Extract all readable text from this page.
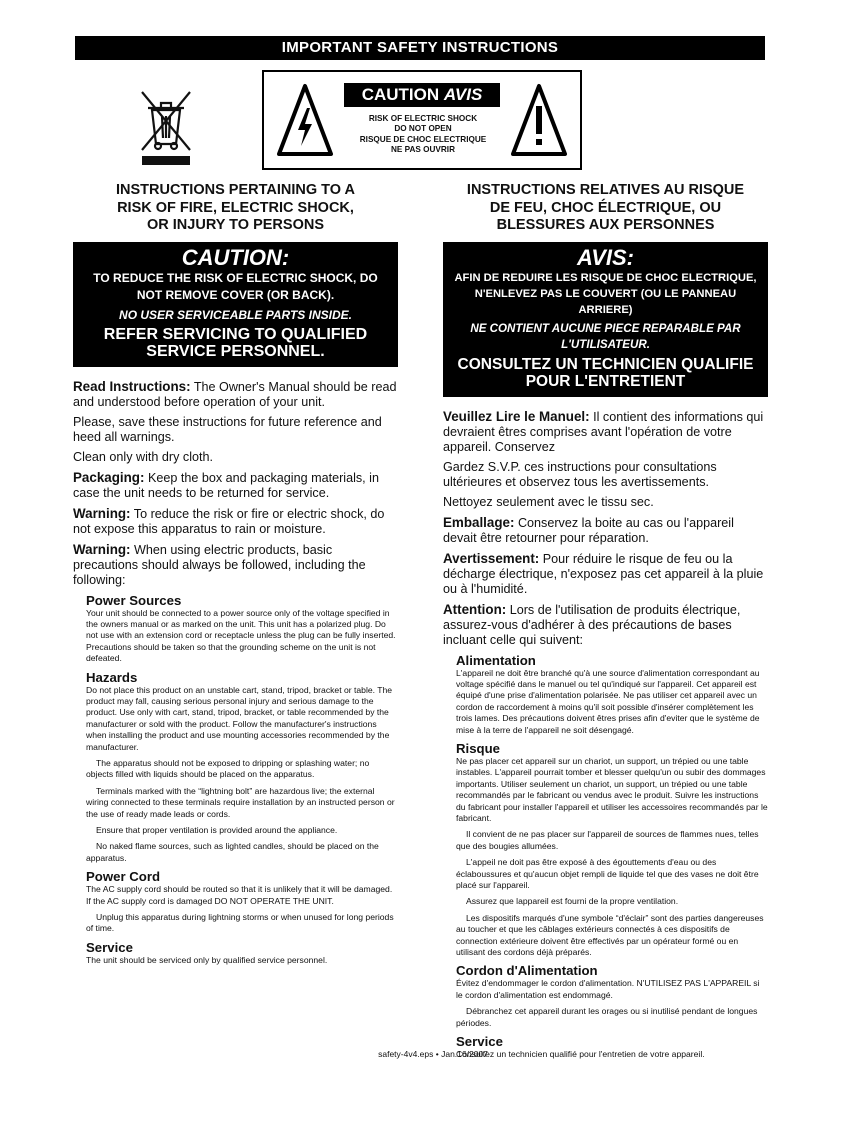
IMPORTANT SAFETY INSTRUCTIONS
CAUTION AVIS
RISK OF ELECTRIC SHOCK
DO NOT OPEN
RISQUE DE CHOC ELECTRIQUE
NE PAS OUVRIR
INSTRUCTIONS PERTAINING TO A
RISK OF FIRE, ELECTRIC SHOCK,
OR INJURY TO PERSONS
CAUTION:
TO REDUCE THE RISK OF ELECTRIC SHOCK, DO NOT REMOVE COVER (OR BACK).
NO USER SERVICEABLE PARTS INSIDE.
REFER SERVICING TO QUALIFIED SERVICE PERSONNEL.
Read Instructions: The Owner's Manual should be read and understood before operation of your unit.
Please, save these instructions for future reference and heed all warnings.
Clean only with dry cloth.
Packaging: Keep the box and packaging materials, in case the unit needs to be returned for service.
Warning: To reduce the risk or fire or electric shock, do not expose this apparatus to rain or moisture.
Warning: When using electric products, basic precautions should always be followed, including the following:
Power Sources
Your unit should be connected to a power source only of the voltage specified in the owners manual or as marked on the unit. This unit has a polarized plug. Do not use with an extension cord or receptacle unless the plug can be fully inserted. Precautions should be taken so that the grounding scheme on the unit is not defeated.
Hazards
Do not place this product on an unstable cart, stand, tripod, bracket or table. The product may fall, causing serious personal injury and serious damage to the product. Use only with cart, stand, tripod, bracket, or table recommended by the manufacturer or sold with the product. Follow the manufacturer's instructions when installing the product and use mounting accessories recommended by the manufacturer.
The apparatus should not be exposed to dripping or splashing water; no objects filled with liquids should be placed on the apparatus.
Terminals marked with the “lightning bolt” are hazardous live; the external wiring connected to these terminals require installation by an instructed person or the use of ready made leads or cords.
Ensure that proper ventilation is provided around the appliance.
No naked flame sources, such as lighted candles, should be placed on the apparatus.
Power Cord
The AC supply cord should be routed so that it is unlikely that it will be damaged. If the AC supply cord is damaged DO NOT OPERATE THE UNIT.
Unplug this apparatus during lightning storms or when unused for long periods of time.
Service
The unit should be serviced only by qualified service personnel.
INSTRUCTIONS RELATIVES AU RISQUE
DE FEU, CHOC ÉLECTRIQUE, OU
BLESSURES AUX PERSONNES
AVIS:
AFIN DE REDUIRE LES RISQUE DE CHOC ELECTRIQUE, N'ENLEVEZ PAS LE COUVERT (OU LE PANNEAU ARRIERE)
NE CONTIENT AUCUNE PIECE REPARABLE PAR L'UTILISATEUR.
CONSULTEZ UN TECHNICIEN QUALIFIE POUR L'ENTRETIENT
Veuillez Lire le Manuel: Il contient des informations qui devraient êtres comprises avant l'opération de votre appareil. Conservez
Gardez S.V.P. ces instructions pour consultations ultérieures et observez tous les avertissements.
Nettoyez seulement avec le tissu sec.
Emballage: Conservez la boite au cas ou l'appareil devait être retourner pour réparation.
Avertissement: Pour réduire le risque de feu ou la décharge électrique, n'exposez pas cet appareil à la pluie ou à l'humidité.
Attention: Lors de l'utilisation de produits électrique, assurez-vous d'adhérer à des précautions de bases incluant celle qui suivent:
Alimentation
L'appareil ne doit être branché qu'à une source d'alimentation correspondant au voltage spécifié dans le manuel ou tel qu'indiqué sur l'appareil. Cet appareil est équipé d'une prise d'alimentation polarisée. Ne pas utiliser cet appareil avec un cordon de raccordement à moins qu'il soit possible d'insérer complètement les trois lames. Des précautions doivent êtres prises afin d'eviter que le système de mise à la terre de l'appareil ne soit désengagé.
Risque
Ne pas placer cet appareil sur un chariot, un support, un trépied ou une table instables. L'appareil pourrait tomber et blesser quelqu'un ou subir des dommages importants. Utiliser seulement un chariot, un support, un trépied ou une table recommandés par le fabricant ou vendus avec le produit. Suivre les instructions du fabricant pour installer l'appareil et utiliser les accessoires recommandés par le fabricant.
Il convient de ne pas placer sur l'appareil de sources de flammes nues, telles que des bougies allumées.
L'appeil ne doit pas être exposé à des égouttements d'eau ou des éclaboussures et qu'aucun objet rempli de liquide tel que des vases ne doit être placé sur l'appareil.
Assurez que lappareil est fourni de la propre ventilation.
Les dispositifs marqués d'une symbole “d'éclair” sont des parties dangereuses au toucher et que les câblages extérieurs connectés à ces dispositifs de connection extérieure doivent être effectivés par un opérateur formé ou en utilisant des cordons déjà préparés.
Cordon d'Alimentation
Évitez d'endommager le cordon d'alimentation. N'UTILISEZ PAS L'APPAREIL si le cordon d'alimentation est endommagé.
Débranchez cet appareil durant les orages ou si inutilisé pendant de longues périodes.
Service
Consultez un technicien qualifié pour l'entretien de votre appareil.
safety-4v4.eps • Jan.16/2007
